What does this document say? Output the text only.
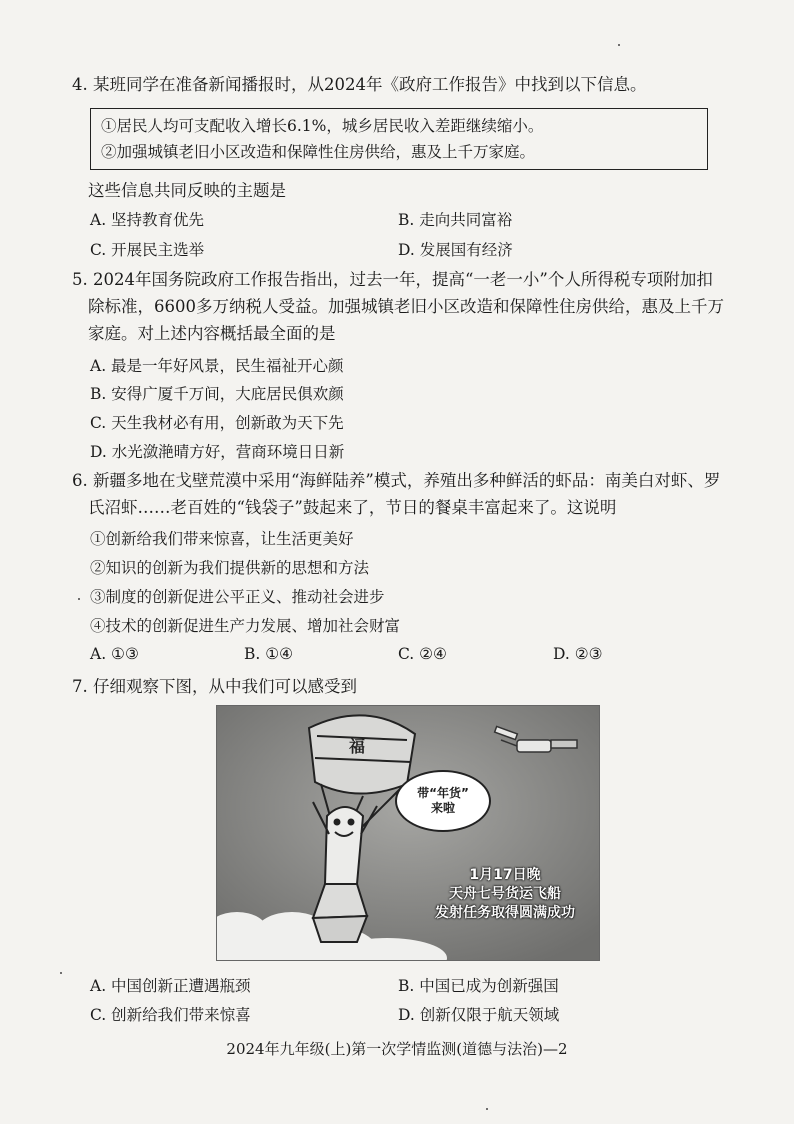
4. 某班同学在准备新闻播报时，从2024年《政府工作报告》中找到以下信息。
①居民人均可支配收入增长6.1%，城乡居民收入差距继续缩小。
②加强城镇老旧小区改造和保障性住房供给，惠及上千万家庭。
这些信息共同反映的主题是
A. 坚持教育优先	B. 走向共同富裕
C. 开展民主选举	D. 发展国有经济
5. 2024年国务院政府工作报告指出，过去一年，提高“一老一小”个人所得税专项附加扣
除标准，6600多万纳税人受益。加强城镇老旧小区改造和保障性住房供给，惠及上千万
家庭。对上述内容概括最全面的是
A. 最是一年好风景，民生福祉开心颜
B. 安得广厦千万间，大庇居民俱欢颜
C. 天生我材必有用，创新敢为天下先
D. 水光潋滟晴方好，营商环境日日新
6. 新疆多地在戈壁荒漠中采用“海鲜陆养”模式，养殖出多种鲜活的虾品：南美白对虾、罗
氏沼虾……老百姓的“钱袋子”鼓起来了，节日的餐桌丰富起来了。这说明
①创新给我们带来惊喜，让生活更美好
②知识的创新为我们提供新的思想和方法
③制度的创新促进公平正义、推动社会进步
④技术的创新促进生产力发展、增加社会财富
A. ①③	B. ①④	C. ②④	D. ②③
7. 仔细观察下图，从中我们可以感受到
福
带“年货”
来啦
1月17日晚
天舟七号货运飞船
发射任务取得圆满成功
A. 中国创新正遭遇瓶颈	B. 中国已成为创新强国
C. 创新给我们带来惊喜	D. 创新仅限于航天领域
2024年九年级(上)第一次学情监测(道德与法治)—2
